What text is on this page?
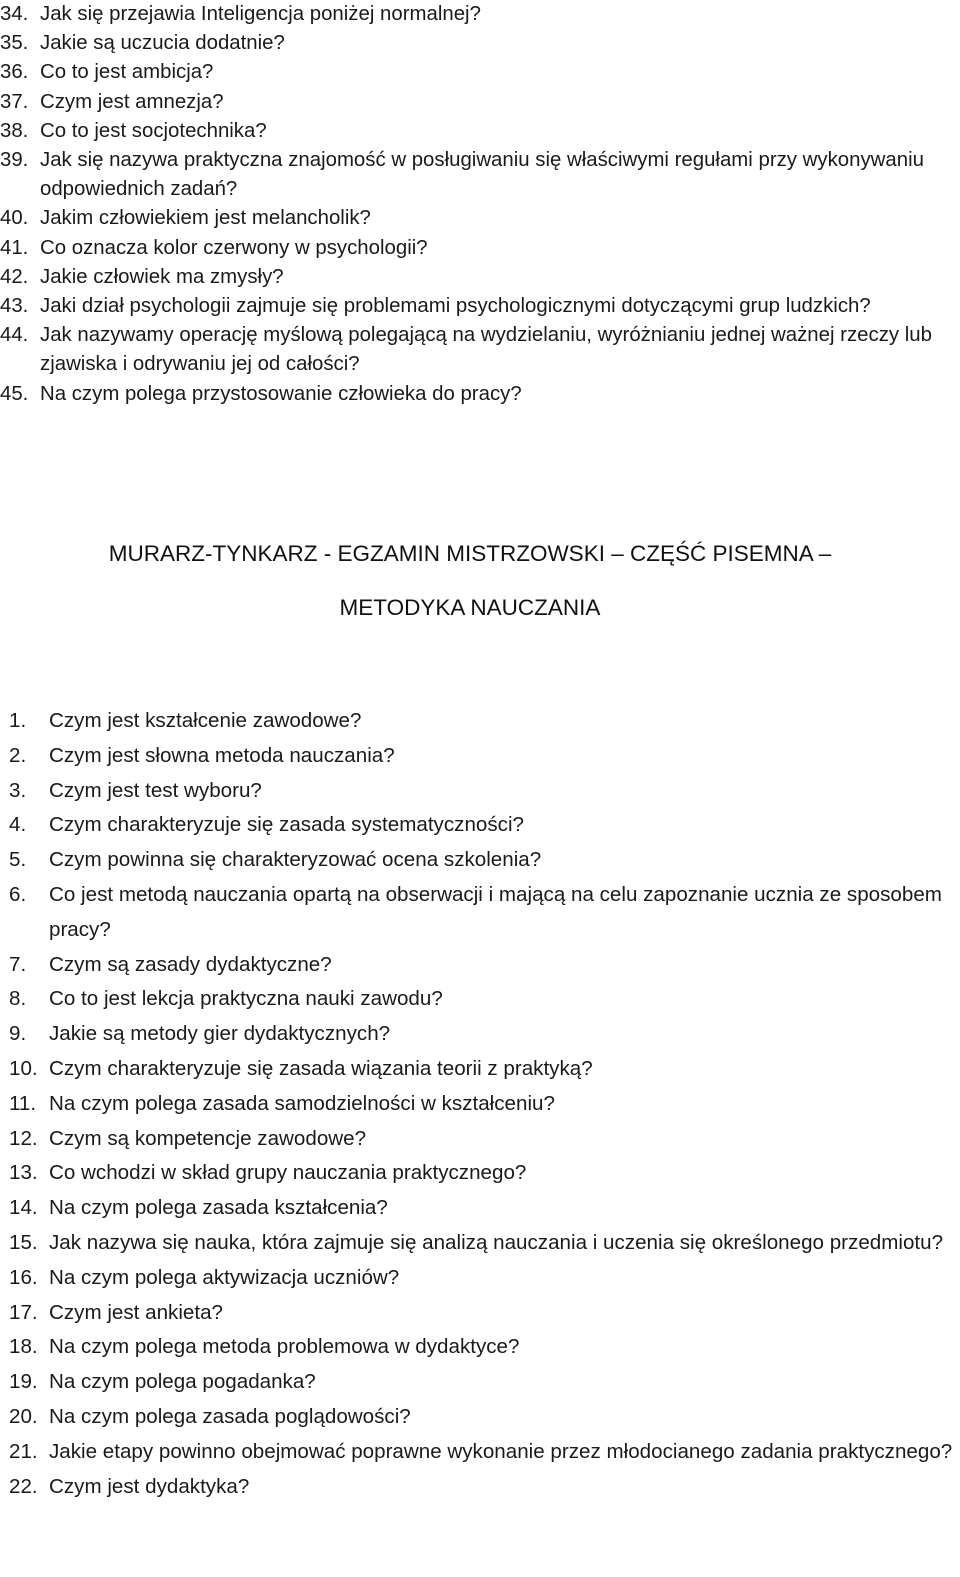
34. Jak się przejawia Inteligencja poniżej normalnej?
35. Jakie są uczucia dodatnie?
36. Co to jest ambicja?
37. Czym jest amnezja?
38. Co to jest socjotechnika?
39. Jak się nazywa praktyczna znajomość w posługiwaniu się właściwymi regułami przy wykonywaniu odpowiednich zadań?
40. Jakim człowiekiem jest melancholik?
41. Co oznacza kolor czerwony w psychologii?
42. Jakie człowiek ma zmysły?
43. Jaki dział psychologii zajmuje się problemami psychologicznymi dotyczącymi grup ludzkich?
44. Jak nazywamy operację myślową polegającą na wydzielaniu, wyróżnianiu jednej ważnej rzeczy lub zjawiska i odrywaniu jej od całości?
45. Na czym polega przystosowanie człowieka do pracy?
MURARZ-TYNKARZ - EGZAMIN MISTRZOWSKI – CZĘŚĆ PISEMNA –
METODYKA NAUCZANIA
1. Czym jest kształcenie zawodowe?
2. Czym jest słowna metoda nauczania?
3. Czym jest test wyboru?
4. Czym charakteryzuje się zasada systematyczności?
5. Czym powinna się charakteryzować ocena szkolenia?
6. Co jest metodą nauczania opartą na obserwacji i mającą na celu zapoznanie ucznia ze sposobem pracy?
7. Czym są zasady dydaktyczne?
8. Co to jest lekcja praktyczna nauki zawodu?
9. Jakie są metody gier dydaktycznych?
10. Czym charakteryzuje się zasada wiązania teorii z praktyką?
11. Na czym polega zasada samodzielności w kształceniu?
12. Czym są kompetencje zawodowe?
13. Co wchodzi w skład grupy nauczania praktycznego?
14. Na czym polega zasada kształcenia?
15. Jak nazywa się nauka, która zajmuje się analizą nauczania i uczenia się określonego przedmiotu?
16. Na czym polega aktywizacja uczniów?
17. Czym jest ankieta?
18. Na czym polega metoda problemowa w dydaktyce?
19. Na czym polega pogadanka?
20. Na czym polega zasada poglądowości?
21. Jakie etapy powinno obejmować poprawne wykonanie przez młodocianego zadania praktycznego?
22. Czym jest dydaktyka?
